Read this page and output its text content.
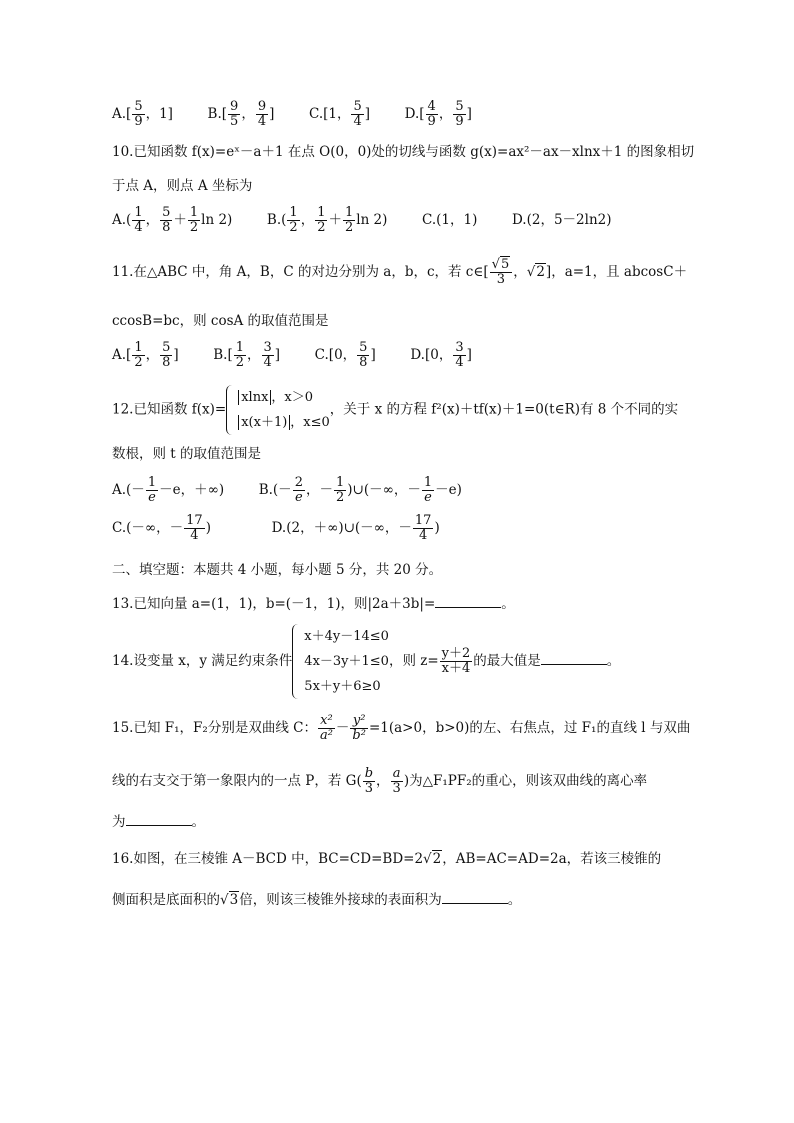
$A.[ \frac{5}{9}$ ，1]	$B.[ \frac{9}{5}$ ， $\frac{9}{4}$ ]	C.[1， $\frac{5}{4}$ ]	$D.[ \frac{4}{9}$ ， $\frac{5}{9}$ ]
10.已知函数 f(x)=eˣ－a＋1 在点 O(0，0)处的切线与函数 g(x)=ax²－ax－xlnx＋1 的图象相切
于点 A，则点 A 坐标为
$A.( \frac{1}{4}$ ， $\frac{5}{8} + \frac{1}{2}$ ln 2)	$B.( \frac{1}{2}$ ， $\frac{1}{2} + \frac{1}{2}$ ln 2)	C.(1，1)	D.(2，5－2ln2)
11.在△ABC 中，角 A，B，C 的对边分别为 a，b，c，若 c∈[ $\frac{√5}{3}$ ，√2]，a=1，且 abcosC＋
ccosB=bc，则 cosA 的取值范围是
$A.[ \frac{1}{2}$ ， $\frac{5}{8}$ ]	$B.[ \frac{1}{2}$ ， $\frac{3}{4}$ ]	C.[0， $\frac{5}{8}$ ]	D.[0， $\frac{3}{4}$ ]
12.已知函数 f(x)=
xlnx ，x＞0
x(x＋1) ，x≤0
，关于 x 的方程 f²(x)＋tf(x)＋1=0(t∈R)有 8 个不同的实
数根，则 t 的取值范围是
$A.(- \frac{1}{e} -e$，＋∞)	$B.(- \frac{2}{e}$ ，－ $\frac{1}{2}$ )∪(－∞，－ $\frac{1}{e} -e$)
C.(－∞，－ $\frac{17}{4}$ )	D.(2，＋∞)∪(－∞，－ $\frac{17}{4}$ )
二、填空题：本题共 4 小题，每小题 5 分，共 20 分。
13.已知向量 a=(1，1)，b=(－1，1)，则|2a＋3b|=	。
14.设变量 x，y 满足约束条件
x＋4y－14≤0
4x－3y＋1≤0
5x＋y＋6≥0
，则 $z= \frac{y+2}{x+4}$ 的最大值是	。
15.已知 F₁，F₂分别是双曲线 C： $\frac{\text{x²}}{\text{a²}} - \frac{\text{y²}}{\text{b²}} =1(a>0$，b>0)的左、右焦点，过 F₁的直线 l 与双曲
线的右支交于第一象限内的一点 P，若 $G( \frac{b}{3}$ ， $\frac{a}{3}$ )为△F₁PF₂的重心，则该双曲线的离心率
为	。
16.如图，在三棱锥 A－BCD 中，BC=CD=BD=2√2，AB=AC=AD=2a，若该三棱锥的
侧面积是底面积的√3倍，则该三棱锥外接球的表面积为	。
